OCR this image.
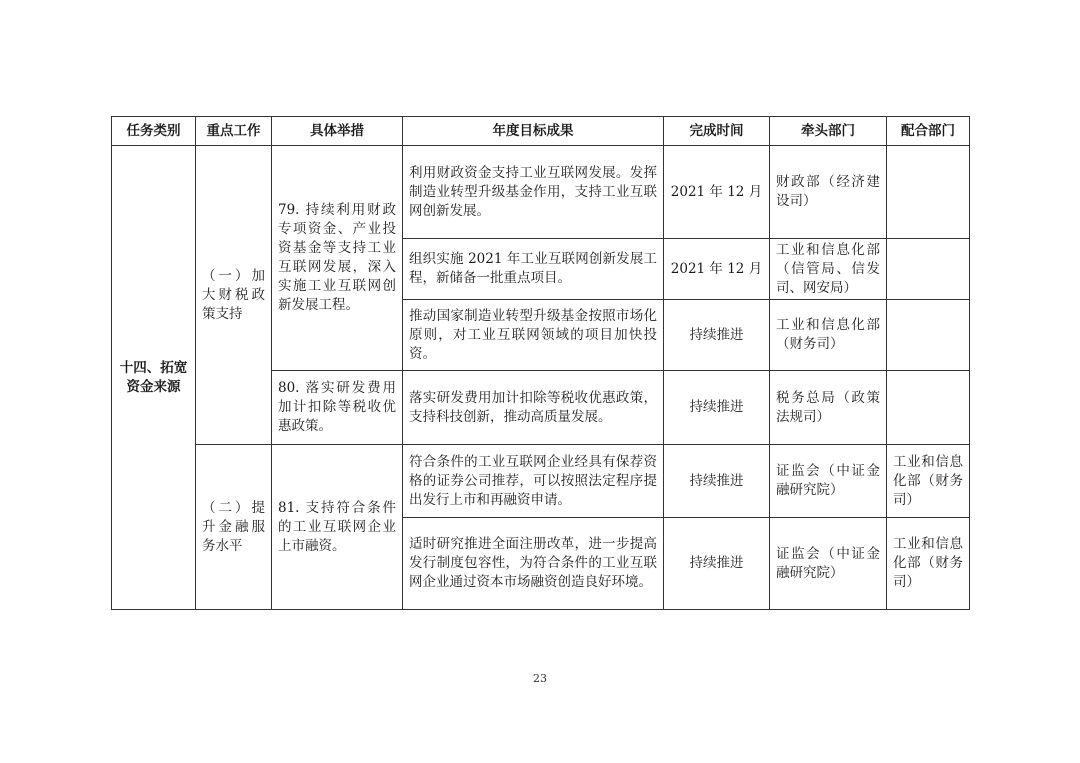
任务类别	重点工作	具体举措	年度目标成果	完成时间	牵头部门	配合部门
十四、拓宽资金来源	（一）加大财税政策支持	79. 持续利用财政专项资金、产业投资基金等支持工业互联网发展，深入实施工业互联网创新发展工程。	利用财政资金支持工业互联网发展。发挥制造业转型升级基金作用，支持工业互联网创新发展。	2021 年 12 月	财政部（经济建设司）	
			组织实施 2021 年工业互联网创新发展工程，新储备一批重点项目。	2021 年 12 月	工业和信息化部（信管局、信发司、网安局）	
			推动国家制造业转型升级基金按照市场化原则，对工业互联网领域的项目加快投资。	持续推进	工业和信息化部（财务司）	
		80. 落实研发费用加计扣除等税收优惠政策。	落实研发费用加计扣除等税收优惠政策，支持科技创新，推动高质量发展。	持续推进	税务总局（政策法规司）	
	（二）提升金融服务水平	81. 支持符合条件的工业互联网企业上市融资。	符合条件的工业互联网企业经具有保荐资格的证券公司推荐，可以按照法定程序提出发行上市和再融资申请。	持续推进	证监会（中证金融研究院）	工业和信息化部（财务司）
			适时研究推进全面注册改革，进一步提高发行制度包容性，为符合条件的工业互联网企业通过资本市场融资创造良好环境。	持续推进	证监会（中证金融研究院）	工业和信息化部（财务司）
23
